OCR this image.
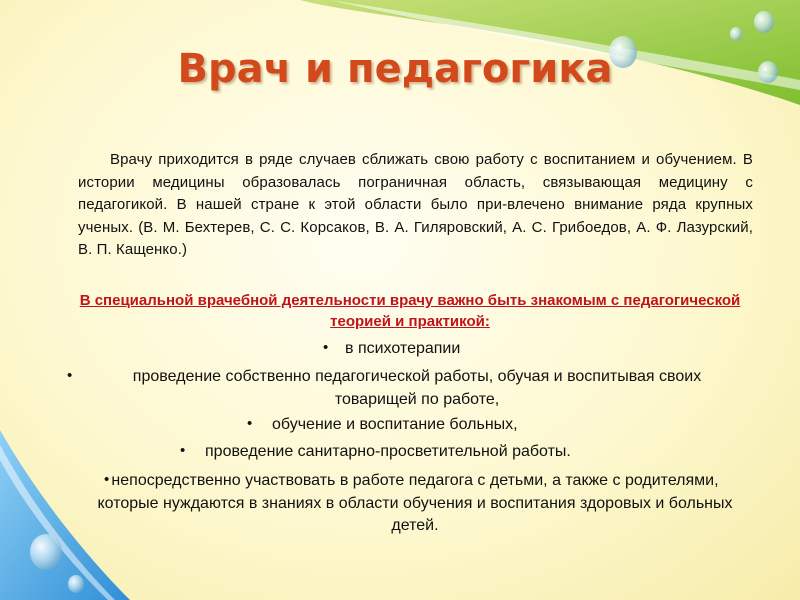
Врач и педагогика

Врачу приходится в ряде случаев сближать свою работу с воспитанием и обучением. В истории медицины образовалась пограничная область, связывающая медицину с педагогикой. В нашей стране к этой области было при-влечено внимание ряда крупных ученых. (В. М. Бехтерев, С. С. Корсаков, В. А. Гиляровский, А. С. Грибоедов, А. Ф. Лазурский, В. П. Кащенко.)

В специальной врачебной деятельности врачу важно быть знакомым с педагогической теорией и практикой:

• в психотерапии
•	проведение собственно педагогической работы, обучая и воспитывая своих товарищей по работе,
• обучение и воспитание больных,
• проведение санитарно-просветительной работы.
• непосредственно участвовать в работе педагога с детьми, а также с родителями, которые нуждаются в знаниях в области обучения и воспитания здоровых и больных детей.
